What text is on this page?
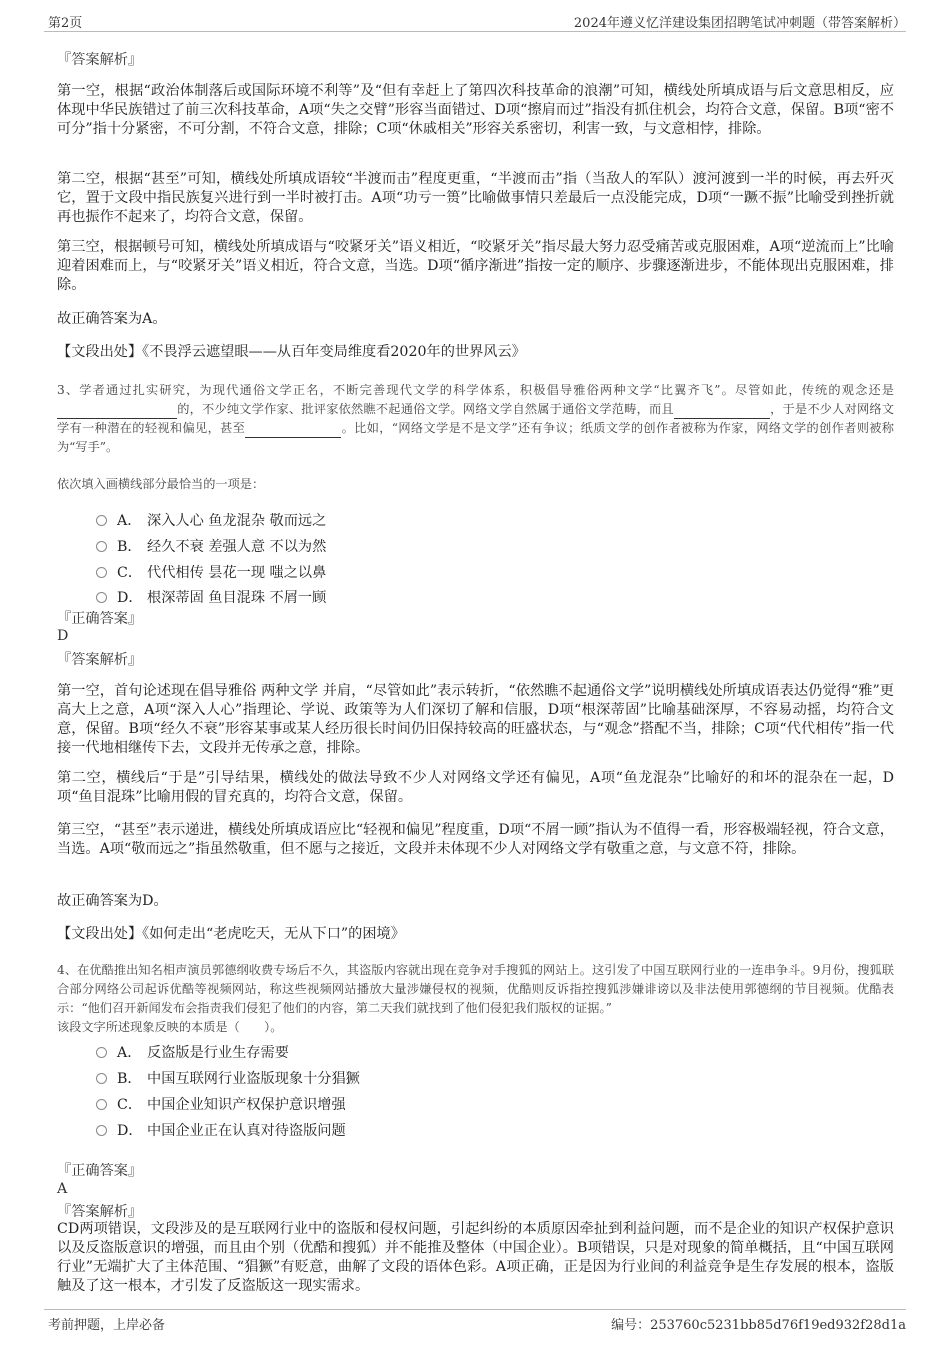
第2页	2024年遵义忆洋建设集团招聘笔试冲刺题（带答案解析）
『答案解析』
第一空，根据“政治体制落后或国际环境不利等”及“但有幸赶上了第四次科技革命的浪潮”可知，横线处所填成语与后文意思相反，应体现中华民族错过了前三次科技革命，A项“失之交臂”形容当面错过、D项“擦肩而过”指没有抓住机会，均符合文意，保留。B项“密不可分”指十分紧密，不可分割，不符合文意，排除；C项“休戚相关”形容关系密切，利害一致，与文意相悖，排除。
第二空，根据“甚至”可知，横线处所填成语较“半渡而击”程度更重，“半渡而击”指（当敌人的军队）渡河渡到一半的时候，再去歼灭它，置于文段中指民族复兴进行到一半时被打击。A项“功亏一篑”比喻做事情只差最后一点没能完成，D项“一蹶不振”比喻受到挫折就再也振作不起来了，均符合文意，保留。
第三空，根据顿号可知，横线处所填成语与“咬紧牙关”语义相近，“咬紧牙关”指尽最大努力忍受痛苦或克服困难，A项“逆流而上”比喻迎着困难而上，与“咬紧牙关”语义相近，符合文意，当选。D项“循序渐进”指按一定的顺序、步骤逐渐进步，不能体现出克服困难，排除。
故正确答案为A。
【文段出处】《不畏浮云遮望眼——从百年变局维度看2020年的世界风云》
3、学者通过扎实研究，为现代通俗文学正名，不断完善现代文学的科学体系，积极倡导雅俗两种文学“比翼齐飞”。尽管如此，传统的观念还是的，不少纯文学作家、批评家依然瞧不起通俗文学。网络文学自然属于通俗文学范畴，而且	，于是不少人对网络文学有一种潜在的轻视和偏见，甚至	。比如，“网络文学是不是文学”还有争议；纸质文学的创作者被称为作家，网络文学的创作者则被称为“写手”。
依次填入画横线部分最恰当的一项是：
A． 深入人心 鱼龙混杂 敬而远之
B． 经久不衰 差强人意 不以为然
C． 代代相传 昙花一现 嗤之以鼻
D． 根深蒂固 鱼目混珠 不屑一顾
『正确答案』
D
『答案解析』
第一空，首句论述现在倡导雅俗 两种文学 并肩，“尽管如此”表示转折，“依然瞧不起通俗文学”说明横线处所填成语表达仍觉得“雅”更高大上之意，A项“深入人心”指理论、学说、政策等为人们深切了解和信服，D项“根深蒂固”比喻基础深厚，不容易动摇，均符合文意，保留。B项“经久不衰”形容某事或某人经历很长时间仍旧保持较高的旺盛状态，与“观念”搭配不当，排除；C项“代代相传”指一代接一代地相继传下去，文段并无传承之意，排除。
第二空，横线后“于是”引导结果，横线处的做法导致不少人对网络文学还有偏见，A项“鱼龙混杂”比喻好的和坏的混杂在一起，D项“鱼目混珠”比喻用假的冒充真的，均符合文意，保留。
第三空，“甚至”表示递进，横线处所填成语应比“轻视和偏见”程度重，D项“不屑一顾”指认为不值得一看，形容极端轻视，符合文意，当选。A项“敬而远之”指虽然敬重，但不愿与之接近，文段并未体现不少人对网络文学有敬重之意，与文意不符，排除。
故正确答案为D。
【文段出处】《如何走出“老虎吃天，无从下口”的困境》
4、在优酷推出知名相声演员郭德纲收费专场后不久，其盗版内容就出现在竞争对手搜狐的网站上。这引发了中国互联网行业的一连串争斗。9月份，搜狐联合部分网络公司起诉优酷等视频网站，称这些视频网站播放大量涉嫌侵权的视频，优酷则反诉指控搜狐涉嫌诽谤以及非法使用郭德纲的节目视频。优酷表示：“他们召开新闻发布会指责我们侵犯了他们的内容，第二天我们就找到了他们侵犯我们版权的证据。”
该段文字所述现象反映的本质是（　　）。
A． 反盗版是行业生存需要
B． 中国互联网行业盗版现象十分猖獗
C． 中国企业知识产权保护意识增强
D． 中国企业正在认真对待盗版问题
『正确答案』
A
『答案解析』
CD两项错误，文段涉及的是互联网行业中的盗版和侵权问题，引起纠纷的本质原因牵扯到利益问题，而不是企业的知识产权保护意识以及反盗版意识的增强，而且由个别（优酷和搜狐）并不能推及整体（中国企业）。B项错误，只是对现象的简单概括，且“中国互联网行业”无端扩大了主体范围、“猖獗”有贬意，曲解了文段的语体色彩。A项正确，正是因为行业间的利益竞争是生存发展的根本，盗版触及了这一根本，才引发了反盗版这一现实需求。
考前押题，上岸必备	编号：253760c5231bb85d76f19ed932f28d1a
